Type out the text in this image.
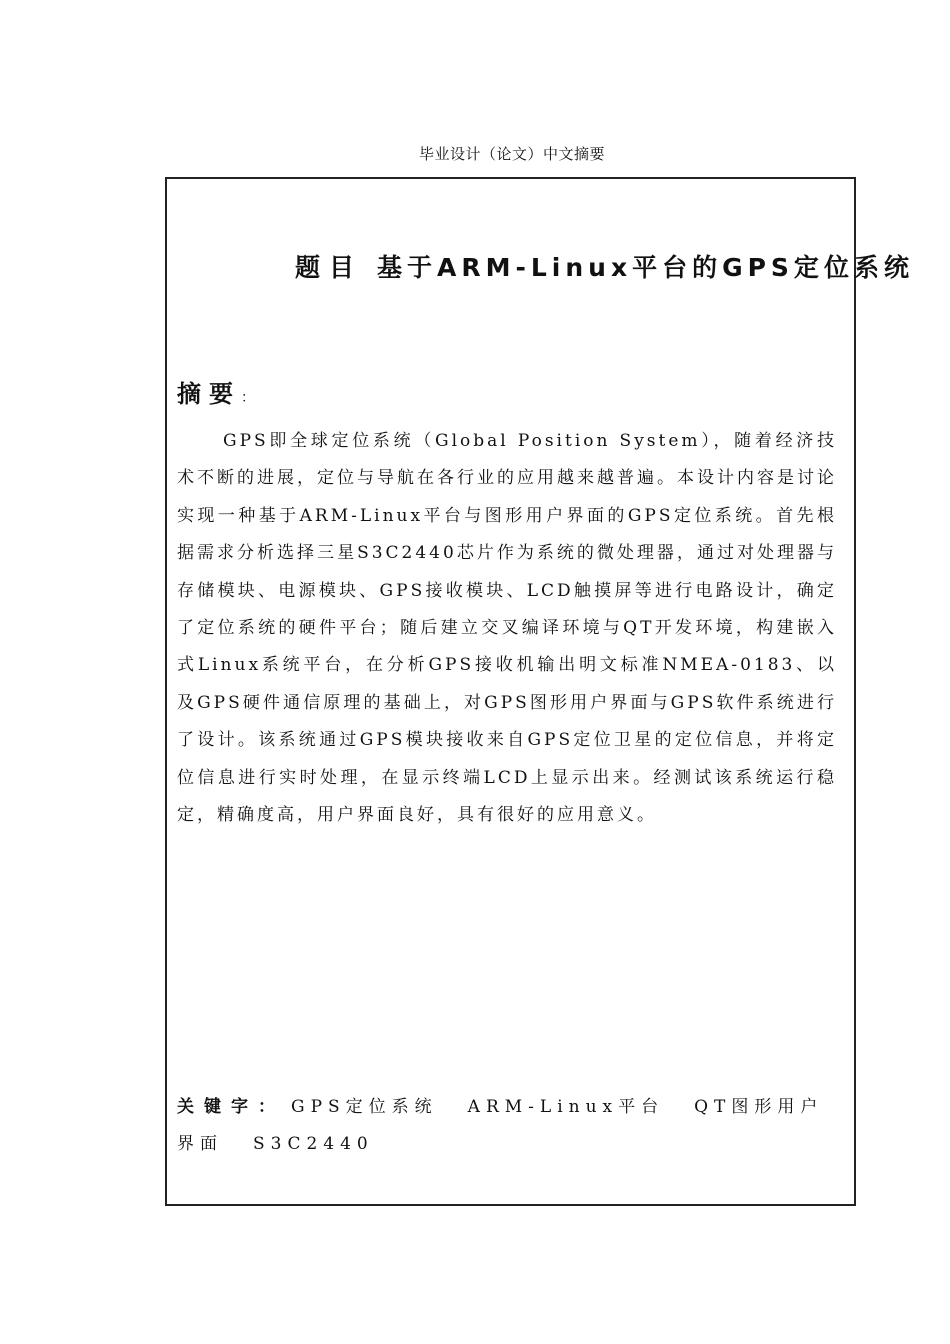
毕业设计（论文）中文摘要
题目 基于ARM-Linux平台的GPS定位系统
摘要：
GPS即全球定位系统（Global Position System），随着经济技术不断的进展，定位与导航在各行业的应用越来越普遍。本设计内容是讨论实现一种基于ARM-Linux平台与图形用户界面的GPS定位系统。首先根据需求分析选择三星S3C2440芯片作为系统的微处理器，通过对处理器与存储模块、电源模块、GPS接收模块、LCD触摸屏等进行电路设计，确定了定位系统的硬件平台；随后建立交叉编译环境与QT开发环境，构建嵌入式Linux系统平台，在分析GPS接收机输出明文标准NMEA-0183、以及GPS硬件通信原理的基础上，对GPS图形用户界面与GPS软件系统进行了设计。该系统通过GPS模块接收来自GPS定位卫星的定位信息，并将定位信息进行实时处理，在显示终端LCD上显示出来。经测试该系统运行稳定，精确度高，用户界面良好，具有很好的应用意义。
关键字： GPS定位系统 ARM-Linux平台 QT图形用户界面 S3C2440
